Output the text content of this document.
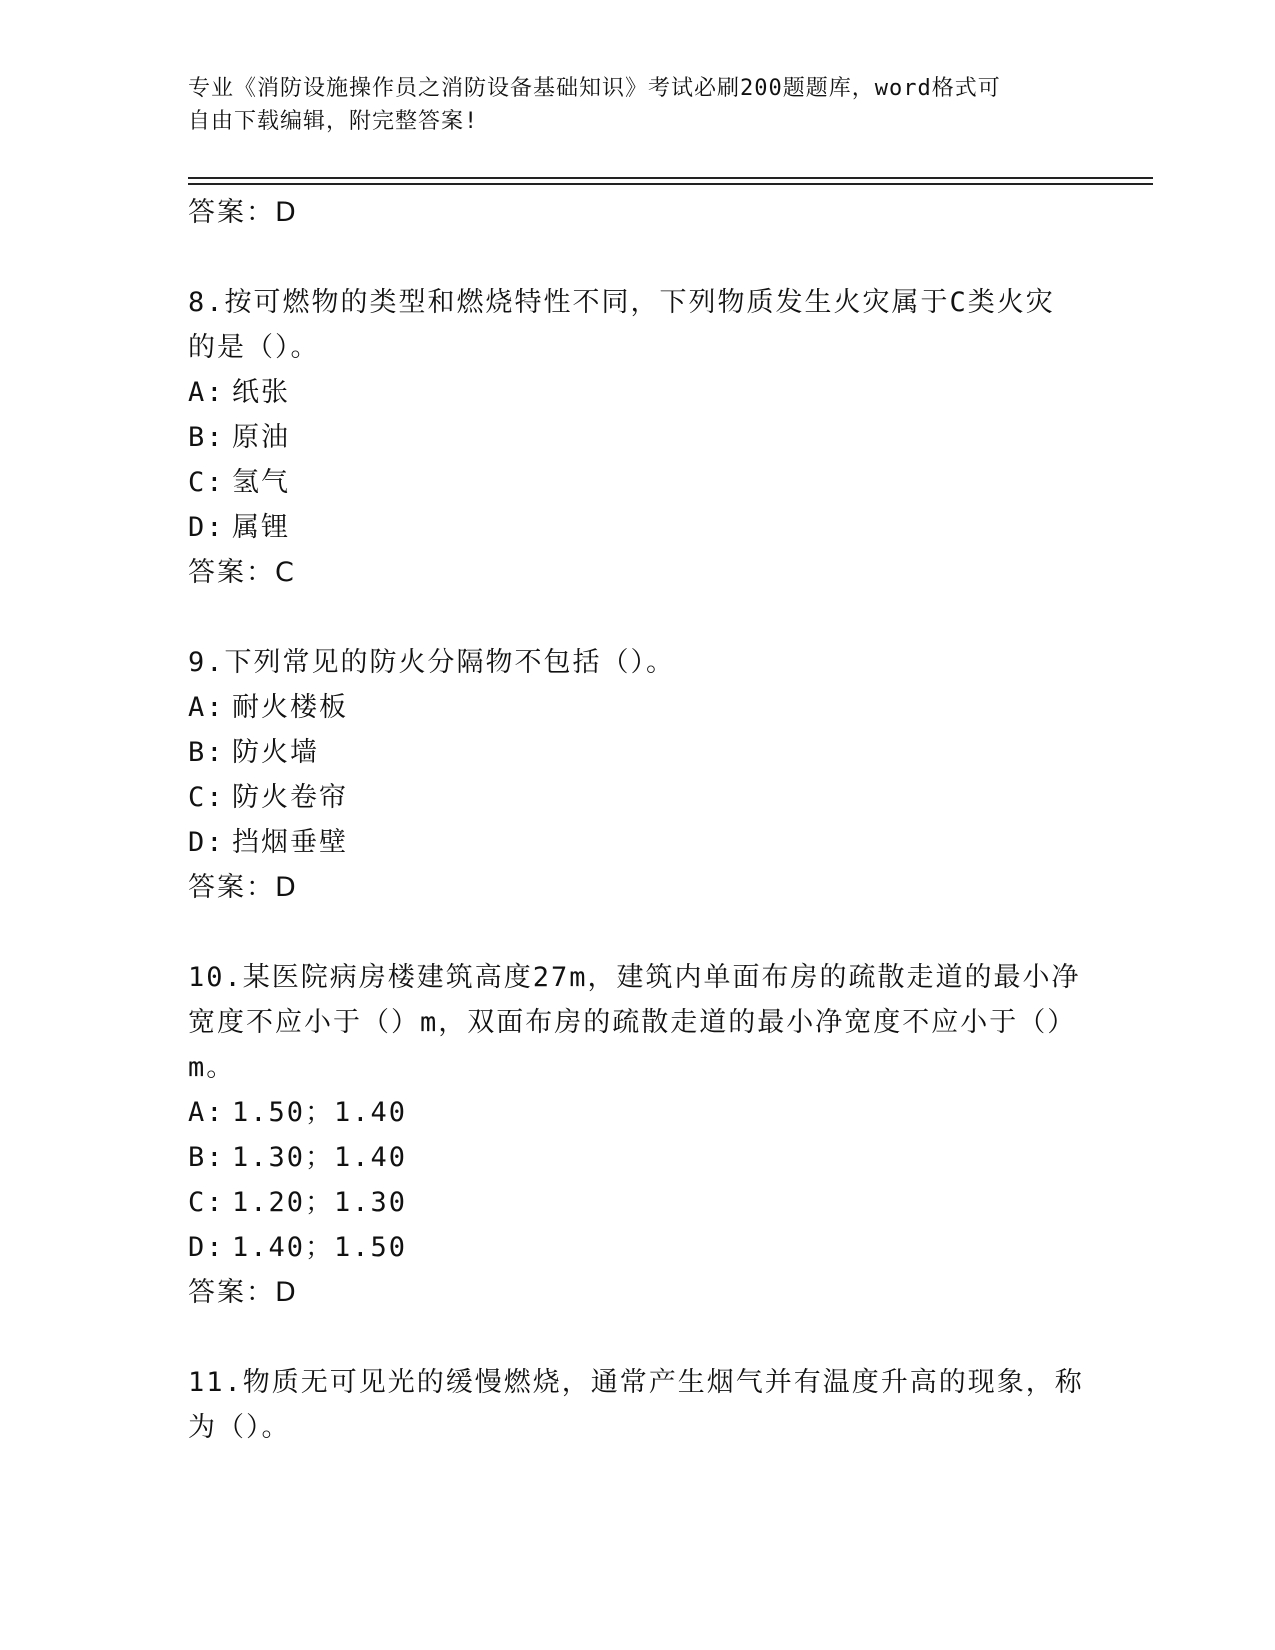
专业《消防设施操作员之消防设备基础知识》考试必刷200题题库，word格式可
自由下载编辑，附完整答案!
答案：D
8.按可燃物的类型和燃烧特性不同，下列物质发生火灾属于C类火灾
的是（）。
A: 纸张
B: 原油
C: 氢气
D: 属锂
答案：C
9.下列常见的防火分隔物不包括（）。
A: 耐火楼板
B: 防火墙
C: 防火卷帘
D: 挡烟垂壁
答案：D
10.某医院病房楼建筑高度27m，建筑内单面布房的疏散走道的最小净
宽度不应小于（）m，双面布房的疏散走道的最小净宽度不应小于（）
m。
A: 1.50；1.40
B: 1.30；1.40
C: 1.20；1.30
D: 1.40；1.50
答案：D
11.物质无可见光的缓慢燃烧，通常产生烟气并有温度升高的现象，称
为（）。
